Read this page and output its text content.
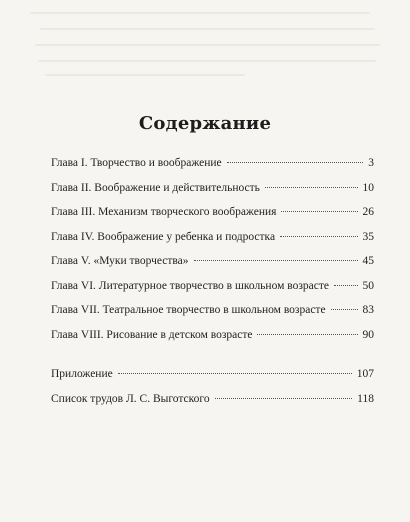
Содержание
Глава I. Творчество и воображение	3
Глава II. Воображение и действительность	10
Глава III. Механизм творческого воображения	26
Глава IV. Воображение у ребенка и подростка	35
Глава V. «Муки творчества»	45
Глава VI. Литературное творчество в школьном возрасте	50
Глава VII. Театральное творчество в школьном возрасте	83
Глава VIII. Рисование в детском возрасте	90
Приложение	107
Список трудов Л. С. Выготского	118
